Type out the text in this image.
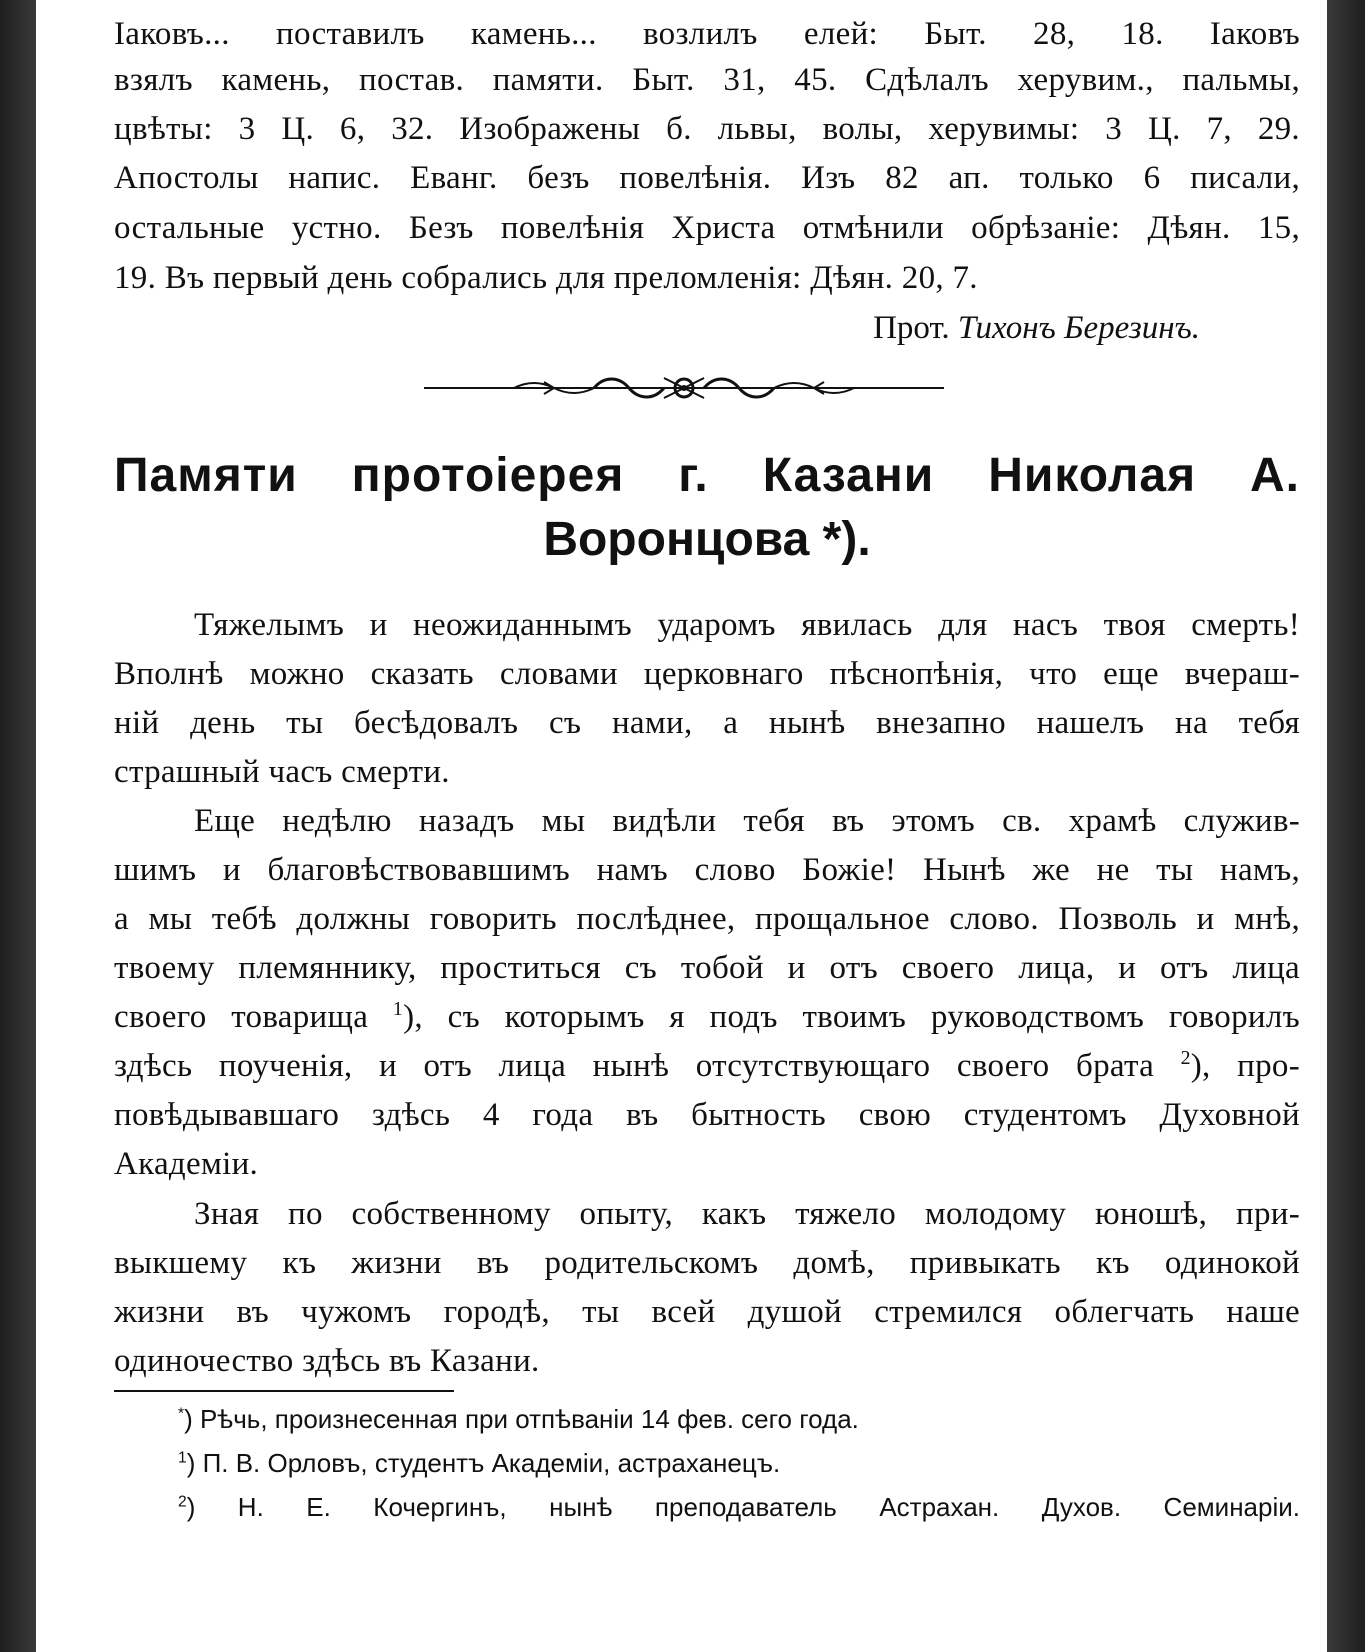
Іаковъ... поставилъ камень... возлилъ елей: Быт. 28, 18. Іаковъ
взялъ камень, постав. памяти. Быт. 31, 45. Сдѣлалъ херувим., пальмы,
цвѣты: 3 Ц. 6, 32. Изображены б. львы, волы, херувимы: 3 Ц. 7, 29.
Апостолы напис. Еванг. безъ повелѣнія. Изъ 82 ап. только 6 писали,
остальные устно. Безъ повелѣнія Христа отмѣнили обрѣзаніе: Дѣян. 15,
19. Въ первый день собрались для преломленія: Дѣян. 20, 7.
Прот. Тихонъ Березинъ.
Памяти протоіерея г. Казани Николая А.
Воронцова *).
Тяжелымъ и неожиданнымъ ударомъ явилась для насъ твоя смерть!
Вполнѣ можно сказать словами церковнаго пѣснопѣнія, что еще вчераш-
ній день ты бесѣдовалъ съ нами, а нынѣ внезапно нашелъ на тебя
страшный часъ смерти.
Еще недѣлю назадъ мы видѣли тебя въ этомъ св. храмѣ служив-
шимъ и благовѣствовавшимъ намъ слово Божіе! Нынѣ же не ты намъ,
а мы тебѣ должны говорить послѣднее, прощальное слово. Позволь и мнѣ,
твоему племяннику, проститься съ тобой и отъ своего лица, и отъ лица
своего товарища $^1$), съ которымъ я подъ твоимъ руководствомъ говорилъ
здѣсь поученія, и отъ лица нынѣ отсутствующаго своего брата $^2$), про-
повѣдывавшаго здѣсь 4 года въ бытность свою студентомъ Духовной
Академіи.
Зная по собственному опыту, какъ тяжело молодому юношѣ, при-
выкшему къ жизни въ родительскомъ домѣ, привыкать къ одинокой
жизни въ чужомъ городѣ, ты всей душой стремился облегчать наше
одиночество здѣсь въ Казани.
*) Рѣчь, произнесенная при отпѣваніи 14 фев. сего года.
$^1$) П. В. Орловъ, студентъ Академіи, астраханецъ.
$^2$) Н. Е. Кочергинъ, нынѣ преподаватель Астрахан. Духов. Семинаріи.
